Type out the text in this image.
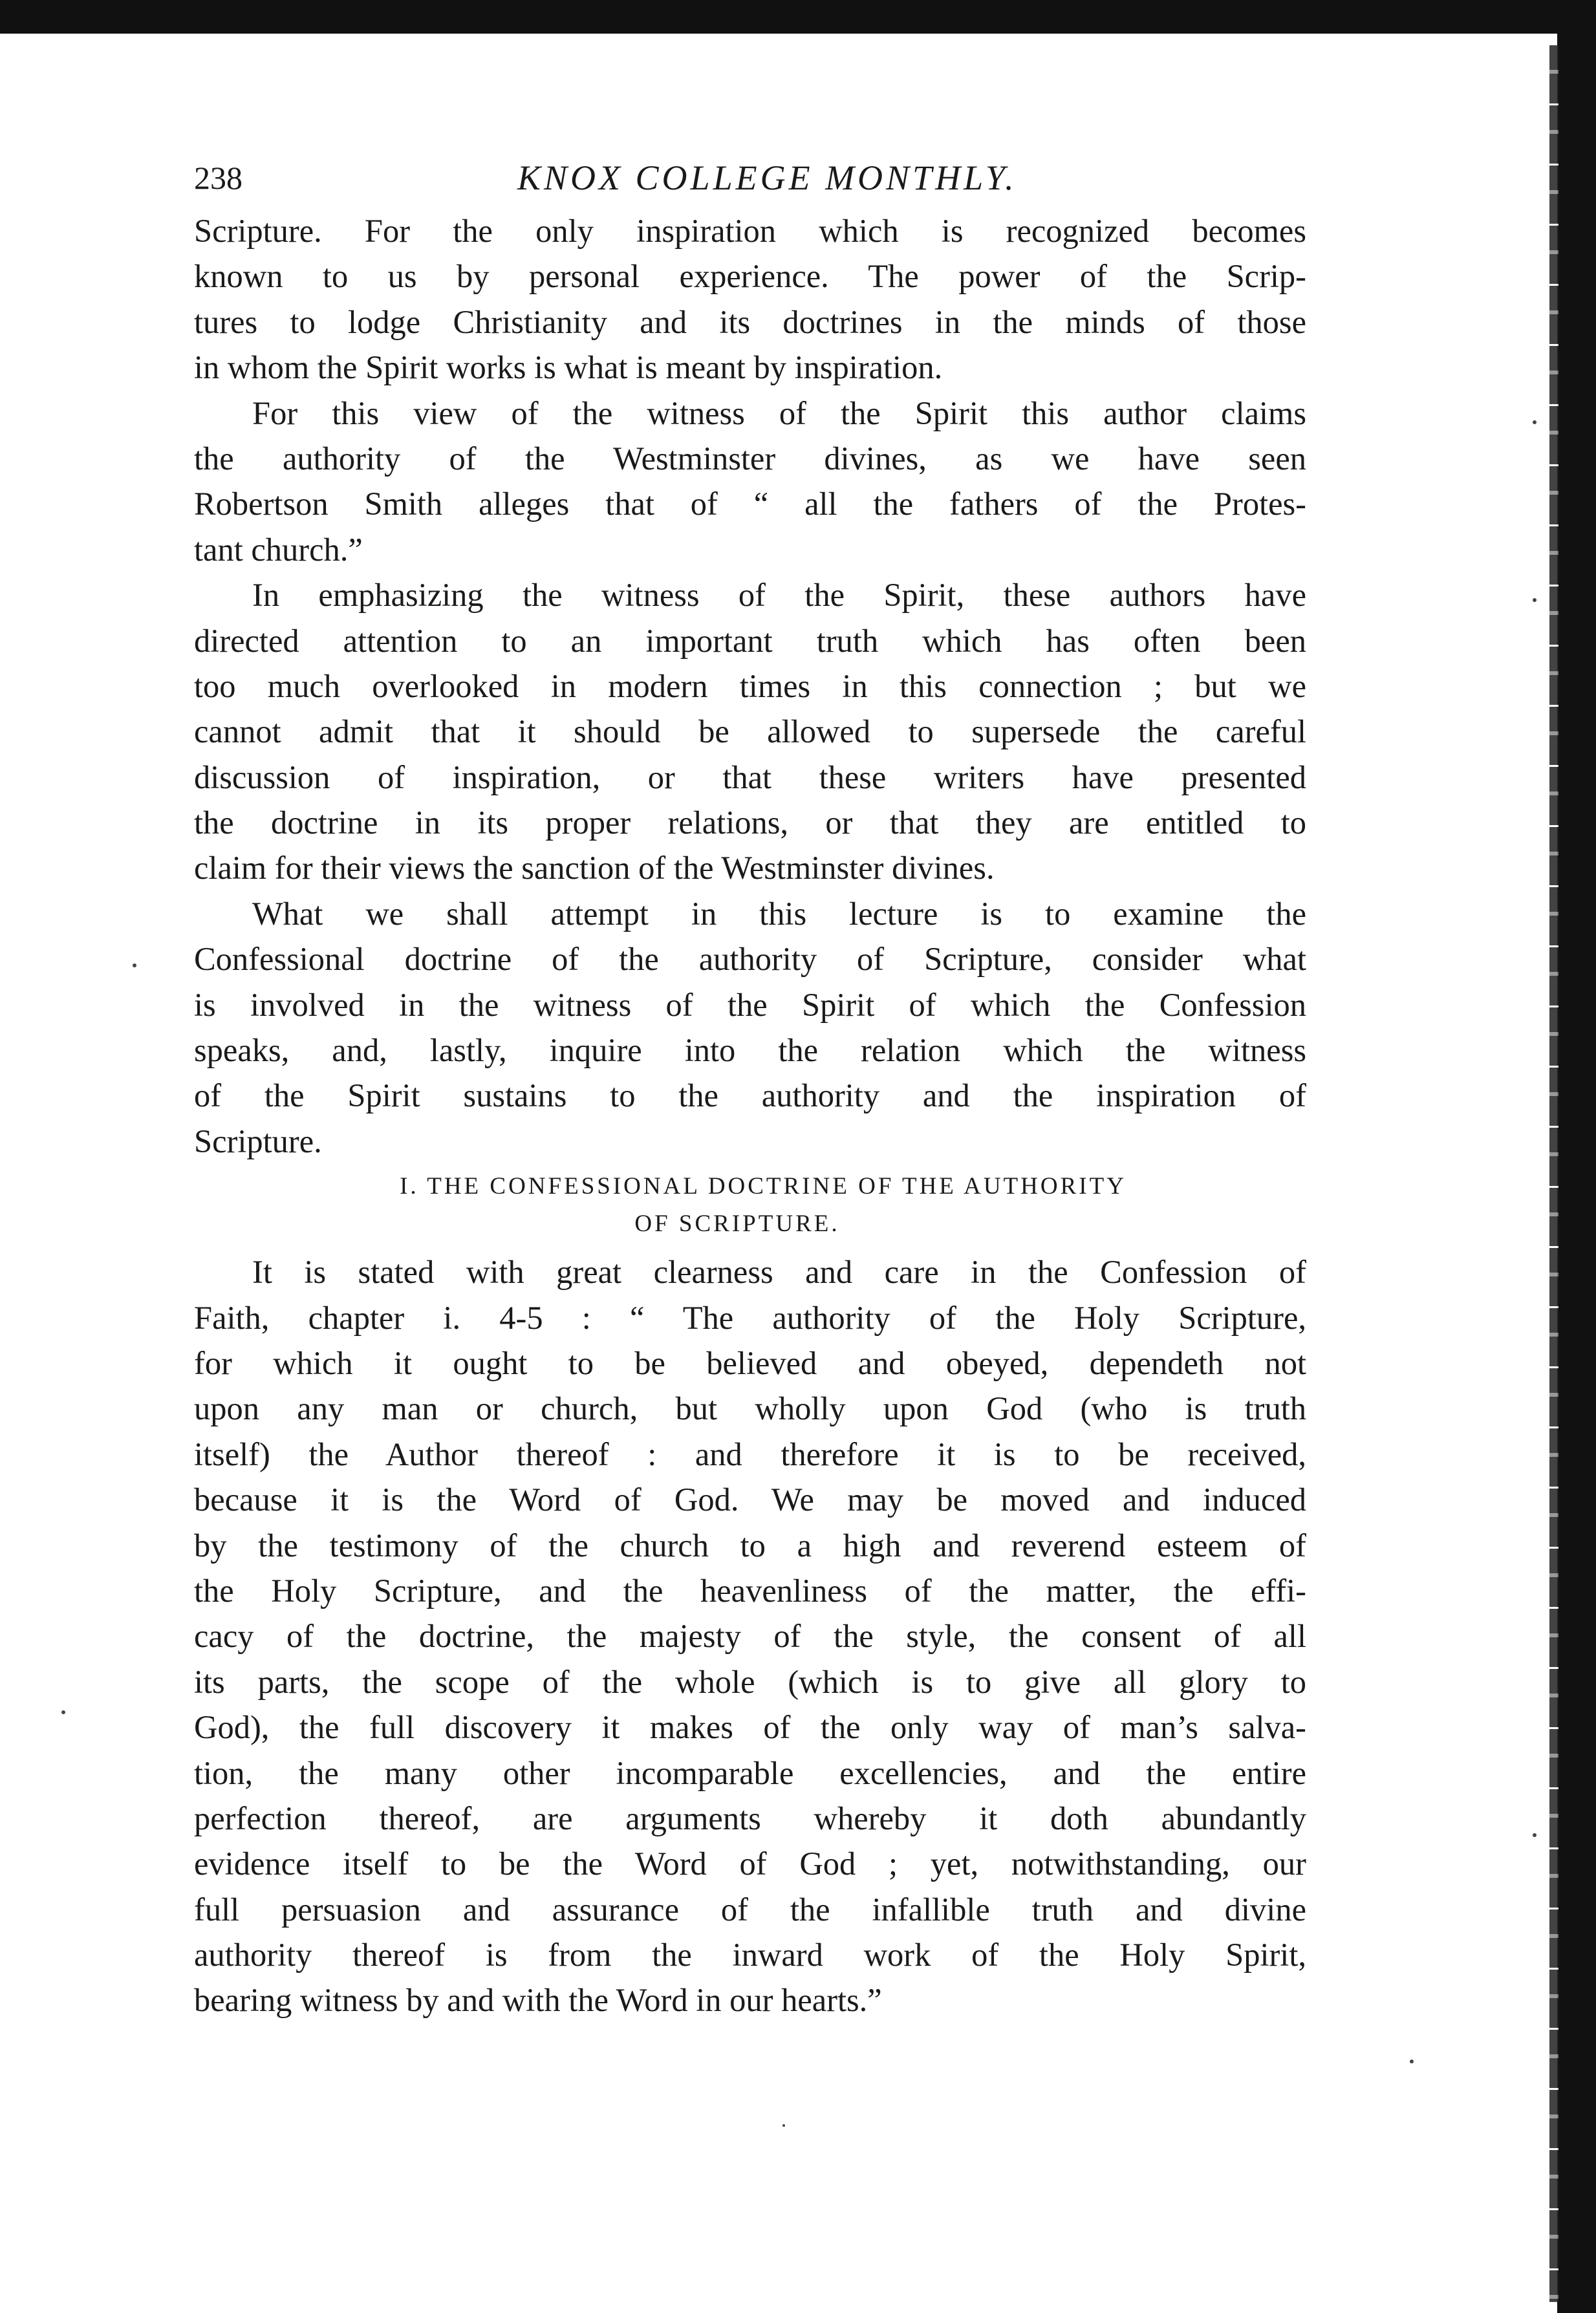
238	KNOX COLLEGE MONTHLY.
Scripture. For the only inspiration which is recognized becomes
known to us by personal experience. The power of the Scrip-
tures to lodge Christianity and its doctrines in the minds of those
in whom the Spirit works is what is meant by inspiration.
For this view of the witness of the Spirit this author claims
the authority of the Westminster divines, as we have seen
Robertson Smith alleges that of “ all the fathers of the Protes-
tant church.”
In emphasizing the witness of the Spirit, these authors have
directed attention to an important truth which has often been
too much overlooked in modern times in this connection ; but we
cannot admit that it should be allowed to supersede the careful
discussion of inspiration, or that these writers have presented
the doctrine in its proper relations, or that they are entitled to
claim for their views the sanction of the Westminster divines.
What we shall attempt in this lecture is to examine the
Confessional doctrine of the authority of Scripture, consider what
is involved in the witness of the Spirit of which the Confession
speaks, and, lastly, inquire into the relation which the witness
of the Spirit sustains to the authority and the inspiration of
Scripture.
I. THE CONFESSIONAL DOCTRINE OF THE AUTHORITY
OF SCRIPTURE.
It is stated with great clearness and care in the Confession of
Faith, chapter i. 4-5 : “ The authority of the Holy Scripture,
for which it ought to be believed and obeyed, dependeth not
upon any man or church, but wholly upon God (who is truth
itself) the Author thereof : and therefore it is to be received,
because it is the Word of God. We may be moved and induced
by the testimony of the church to a high and reverend esteem of
the Holy Scripture, and the heavenliness of the matter, the effi-
cacy of the doctrine, the majesty of the style, the consent of all
its parts, the scope of the whole (which is to give all glory to
God), the full discovery it makes of the only way of man’s salva-
tion, the many other incomparable excellencies, and the entire
perfection thereof, are arguments whereby it doth abundantly
evidence itself to be the Word of God ; yet, notwithstanding, our
full persuasion and assurance of the infallible truth and divine
authority thereof is from the inward work of the Holy Spirit,
bearing witness by and with the Word in our hearts.”
